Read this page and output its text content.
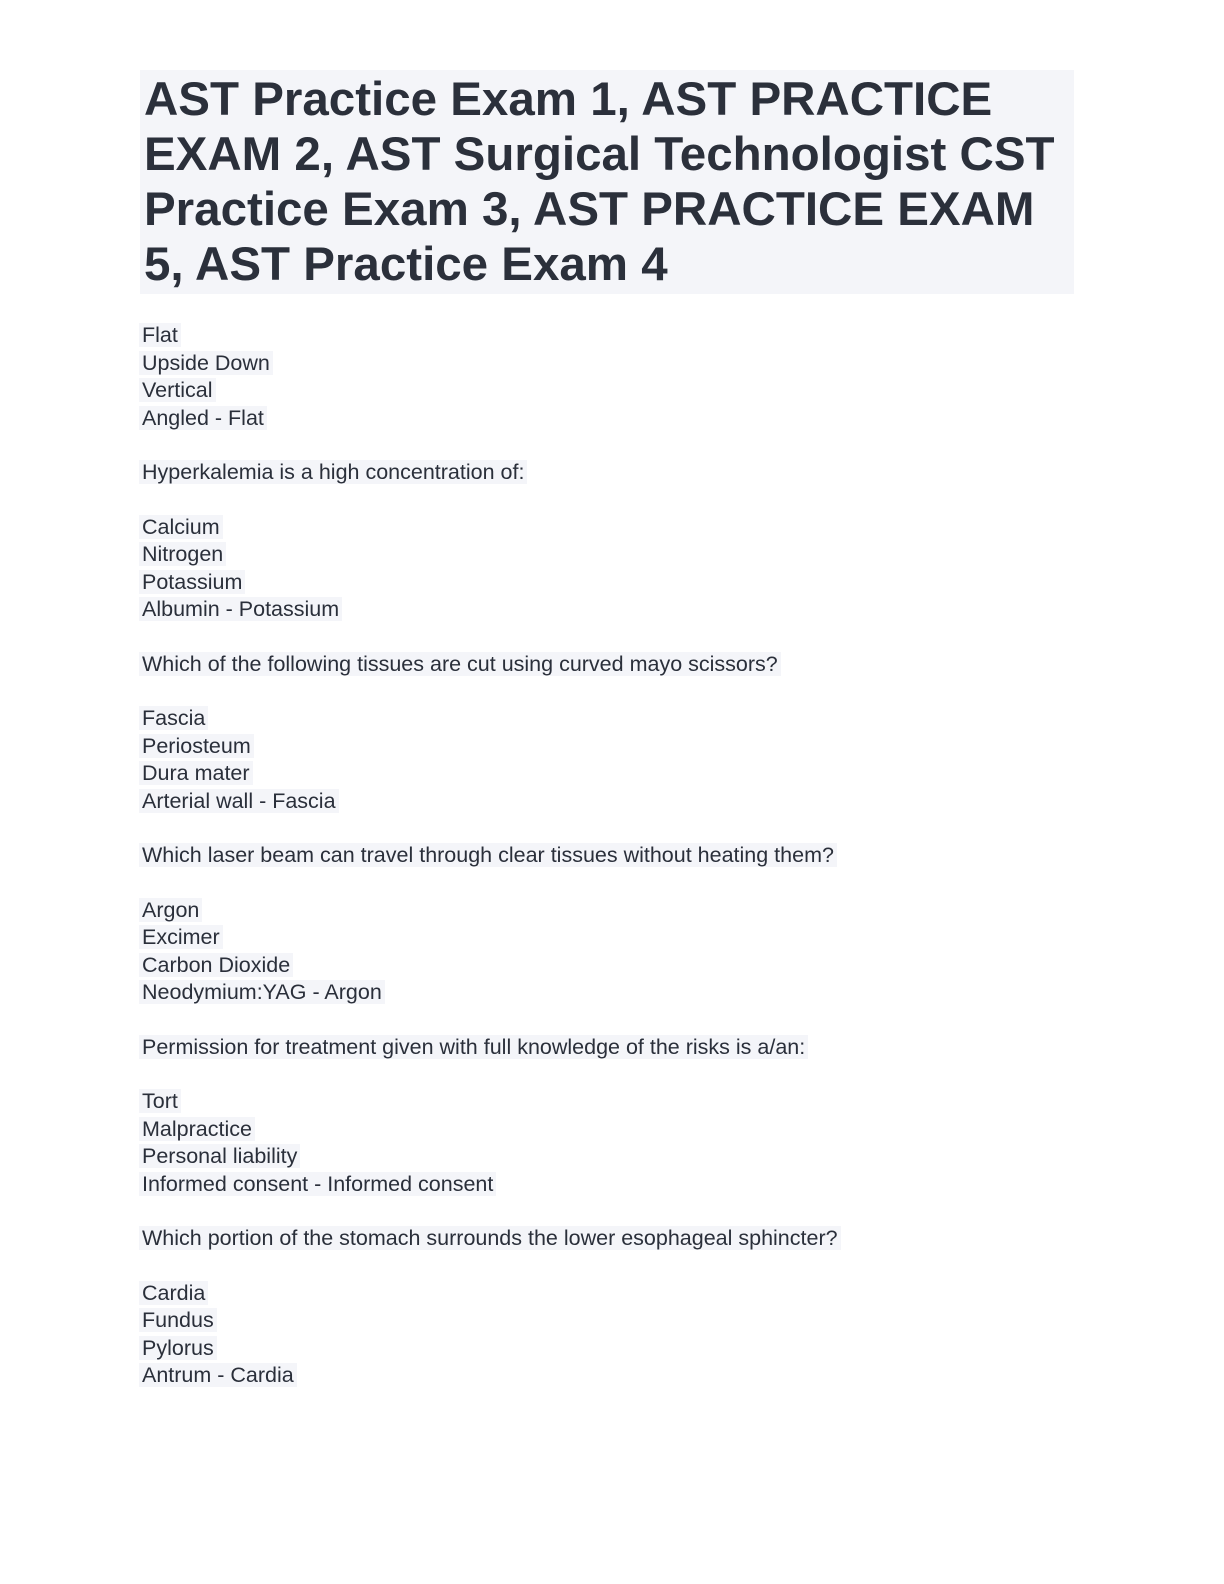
AST Practice Exam 1, AST PRACTICE EXAM 2, AST Surgical Technologist CST Practice Exam 3, AST PRACTICE EXAM 5, AST Practice Exam 4
Flat
Upside Down
Vertical
Angled - Flat
Hyperkalemia is a high concentration of:
Calcium
Nitrogen
Potassium
Albumin - Potassium
Which of the following tissues are cut using curved mayo scissors?
Fascia
Periosteum
Dura mater
Arterial wall - Fascia
Which laser beam can travel through clear tissues without heating them?
Argon
Excimer
Carbon Dioxide
Neodymium:YAG - Argon
Permission for treatment given with full knowledge of the risks is a/an:
Tort
Malpractice
Personal liability
Informed consent - Informed consent
Which portion of the stomach surrounds the lower esophageal sphincter?
Cardia
Fundus
Pylorus
Antrum - Cardia
